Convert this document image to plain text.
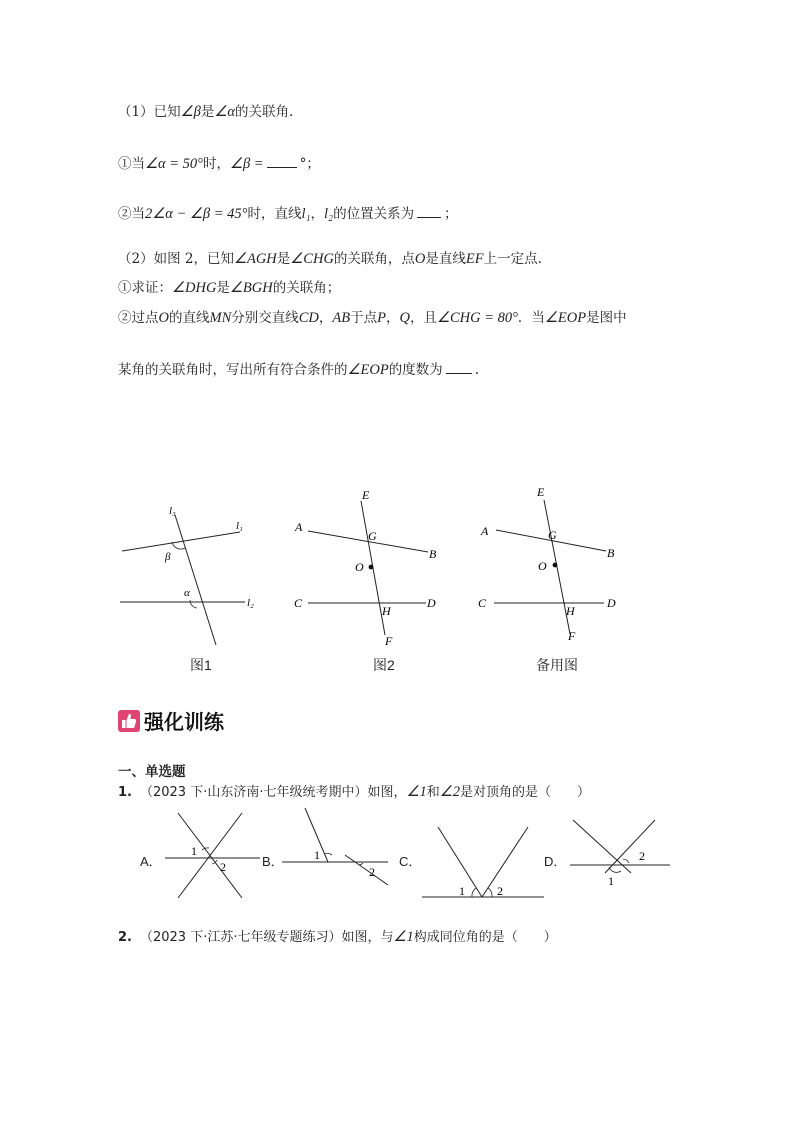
（1）已知∠β是∠α的关联角.
①当∠α = 50°时，∠β =	°；
②当2∠α − ∠β = 45°时，直线l₁，l₂的位置关系为 ；
（2）如图 2，已知∠AGH是∠CHG的关联角，点O是直线EF上一定点.
①求证：∠DHG是∠BGH的关联角；
②过点O的直线MN分别交直线CD，AB于点P，Q，且∠CHG = 80°．当∠EOP是图中
某角的关联角时，写出所有符合条件的∠EOP的度数为 .
l₃
l₁
l₂
β
α
图1
E
A
G
B
O
C	D
H
F
图2
E
A	G
B
O
C	D
H
F
备用图
强化训练
一、单选题
1. （2023 下·山东济南·七年级统考期中）如图，∠1和∠2是对顶角的是（　　）
A．
1
2	B．	1
2
C．
1	2
D．	2
1
2. （2023 下·江苏·七年级专题练习）如图，与∠1构成同位角的是（　　）
